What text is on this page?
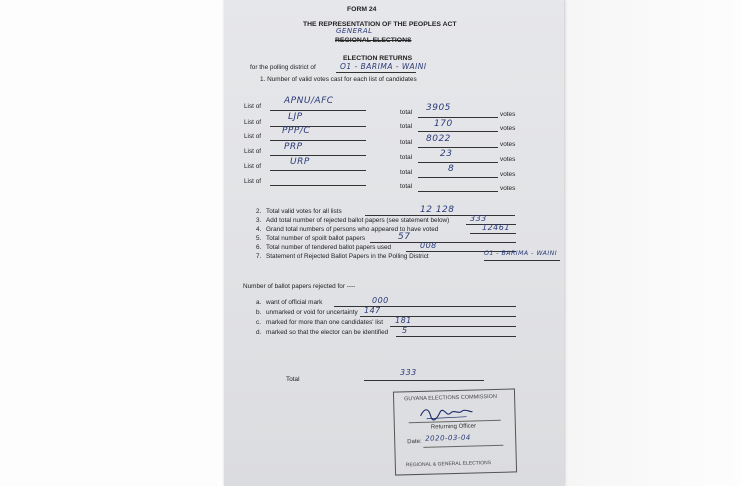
FORM 24
THE REPRESENTATION OF THE PEOPLES ACT
GENERAL
REGIONAL ELECTIONS
ELECTION RETURNS
for the polling district of	O1 - BARIMA - WAINI
1. Number of valid votes cast for each list of candidates
List of
APNU/AFC
total 3905
votes
List of
LJP
total 170	votes
List of
PPP/C
total 8022
votes
List of	PRP
total	23
votes
List of	URP
total	8
votes
List of
total	votes
2. Total valid votes for all lists	12 128
3. Add total number of rejected ballot papers (see statement below)	333
4. Grand total numbers of persons who appeared to have voted	12461
5. Total number of spoilt ballot papers	57
6. Total number of tendered ballot papers used	008
7. Statement of Rejected Ballot Papers in the Polling District	O1 - BARIMA - WAINI
Number of ballot papers rejected for ----
a. want of official mark	000
b. unmarked or void for uncertainty 147
c. marked for more than one candidates' list 181
d. marked so that the elector can be identified 5
Total
333
GUYANA ELECTIONS COMMISSION
Returning Officer
Date: 2020-03-04
REGIONAL & GENERAL ELECTIONS
